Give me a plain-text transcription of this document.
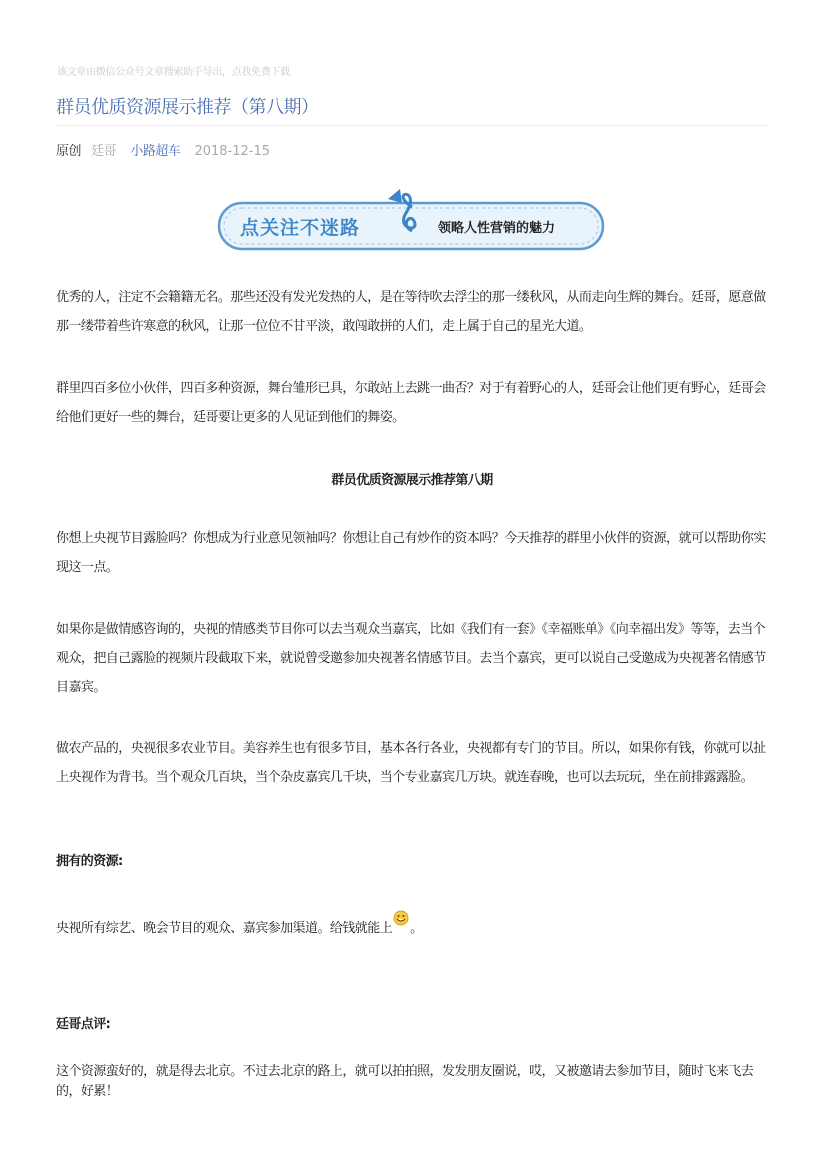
该文章由微信公众号文章搜索助手导出，点我免费下载
群员优质资源展示推荐（第八期）
原创 廷哥 小路超车 2018-12-15
点关注不迷路	领略人性营销的魅力
优秀的人，注定不会籍籍无名。那些还没有发光发热的人，是在等待吹去浮尘的那一缕秋风，从而走向生辉的舞台。廷哥，愿意做那一缕带着些许寒意的秋风，让那一位位不甘平淡，敢闯敢拼的人们，走上属于自己的星光大道。
群里四百多位小伙伴，四百多种资源，舞台雏形已具，尔敢站上去跳一曲否？对于有着野心的人，廷哥会让他们更有野心，廷哥会给他们更好一些的舞台，廷哥要让更多的人见证到他们的舞姿。
群员优质资源展示推荐第八期
你想上央视节目露脸吗？你想成为行业意见领袖吗？你想让自己有炒作的资本吗？今天推荐的群里小伙伴的资源，就可以帮助你实现这一点。
如果你是做情感咨询的，央视的情感类节目你可以去当观众当嘉宾，比如《我们有一套》《幸福账单》《向幸福出发》等等，去当个观众，把自己露脸的视频片段截取下来，就说曾受邀参加央视著名情感节目。去当个嘉宾，更可以说自己受邀成为央视著名情感节目嘉宾。
做农产品的，央视很多农业节目。美容养生也有很多节目，基本各行各业，央视都有专门的节目。所以，如果你有钱，你就可以扯上央视作为背书。当个观众几百块，当个杂皮嘉宾几千块，当个专业嘉宾几万块。就连春晚，也可以去玩玩，坐在前排露露脸。
拥有的资源:
央视所有综艺、晚会节目的观众、嘉宾参加渠道。给钱就能上 。
廷哥点评:
这个资源蛮好的，就是得去北京。不过去北京的路上，就可以拍拍照，发发朋友圈说，哎，又被邀请去参加节目，随时飞来飞去的，好累！
